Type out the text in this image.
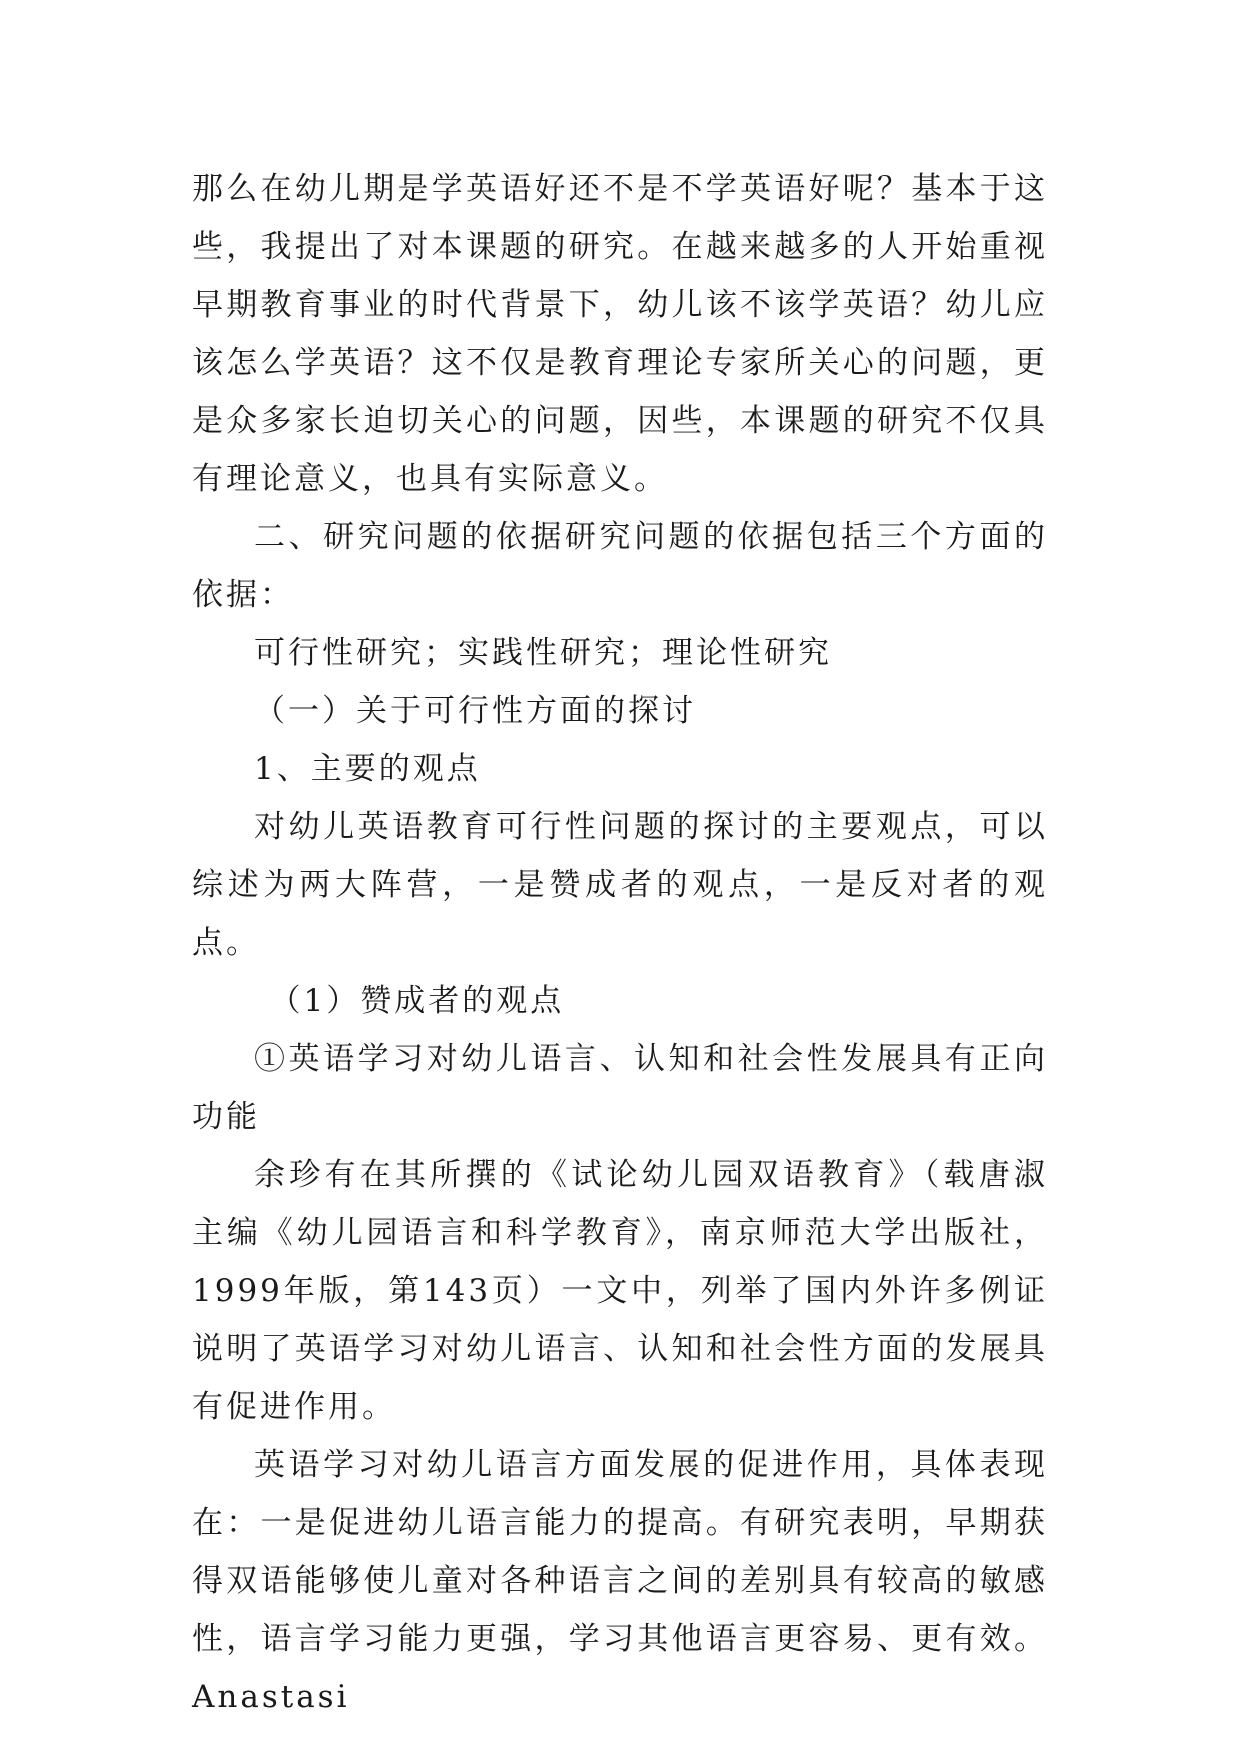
那么在幼儿期是学英语好还不是不学英语好呢？基本于这些，我提出了对本课题的研究。在越来越多的人开始重视早期教育事业的时代背景下，幼儿该不该学英语？幼儿应该怎么学英语？这不仅是教育理论专家所关心的问题，更是众多家长迫切关心的问题，因些，本课题的研究不仅具有理论意义，也具有实际意义。

二、研究问题的依据研究问题的依据包括三个方面的依据：

可行性研究；实践性研究；理论性研究

（一）关于可行性方面的探讨

1、主要的观点

对幼儿英语教育可行性问题的探讨的主要观点，可以综述为两大阵营，一是赞成者的观点，一是反对者的观点。

（1）赞成者的观点

①英语学习对幼儿语言、认知和社会性发展具有正向功能

余珍有在其所撰的《试论幼儿园双语教育》（载唐淑主编《幼儿园语言和科学教育》，南京师范大学出版社，1999年版，第143页）一文中，列举了国内外许多例证说明了英语学习对幼儿语言、认知和社会性方面的发展具有促进作用。

英语学习对幼儿语言方面发展的促进作用，具体表现在：一是促进幼儿语言能力的提高。有研究表明，早期获得双语能够使儿童对各种语言之间的差别具有较高的敏感性，语言学习能力更强，学习其他语言更容易、更有效。Anastasi
